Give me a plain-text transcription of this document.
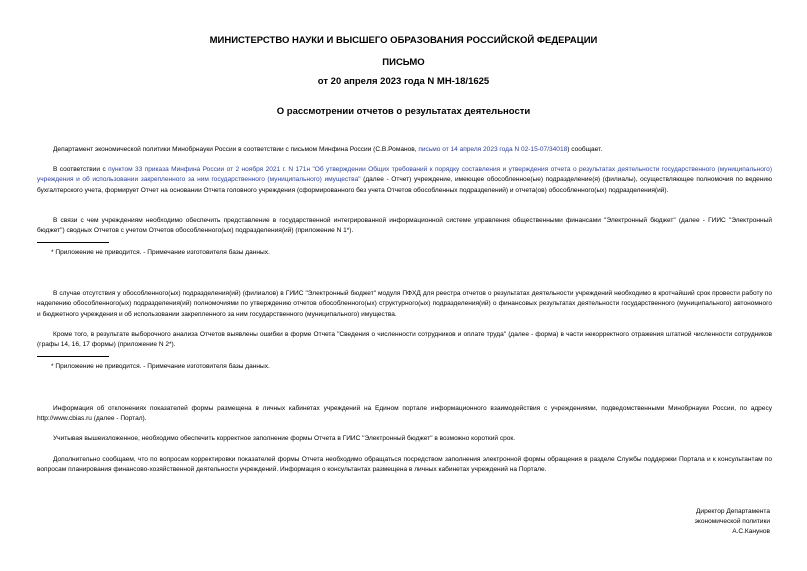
МИНИСТЕРСТВО НАУКИ И ВЫСШЕГО ОБРАЗОВАНИЯ РОССИЙСКОЙ ФЕДЕРАЦИИ
ПИСЬМО
от 20 апреля 2023 года N МН-18/1625
О рассмотрении отчетов о результатах деятельности
Департамент экономической политики Минобрнауки России в соответствии с письмом Минфина России (С.В.Романов, письмо от 14 апреля 2023 года N 02-15-07/34018) сообщает.
В соответствии с пунктом 33 приказа Минфина России от 2 ноября 2021 г. N 171н "Об утверждении Общих требований к порядку составления и утверждения отчета о результатах деятельности государственного (муниципального) учреждения и об использовании закрепленного за ним государственного (муниципального) имущества" (далее - Отчет) учреждение, имеющее обособленное(ые) подразделение(я) (филиалы), осуществляющее полномочия по ведению бухгалтерского учета, формирует Отчет на основании Отчета головного учреждения (сформированного без учета Отчетов обособленных подразделений) и отчета(ов) обособленного(ых) подразделения(ий).
В связи с чем учреждениям необходимо обеспечить представление в государственной интегрированной информационной системе управления общественными финансами "Электронный бюджет" (далее - ГИИС "Электронный бюджет") сводных Отчетов с учетом Отчетов обособленного(ых) подразделения(ий) (приложение N 1*).
* Приложение не приводится. - Примечание изготовителя базы данных.
В случае отсутствия у обособленного(ых) подразделения(ий) (филиалов) в ГИИС "Электронный бюджет" модуля ПФХД для реестра отчетов о результатах деятельности учреждений необходимо в кротчайший срок провести работу по наделению обособленного(ых) подразделения(ий) полномочиями по утверждению отчетов обособленного(ых) структурного(ых) подразделения(ий) о финансовых результатах деятельности государственного (муниципального) автономного и бюджетного учреждения и об использовании закрепленного за ним государственного (муниципального) имущества.
Кроме того, в результате выборочного анализа Отчетов выявлены ошибки в форме Отчета "Сведения о численности сотрудников и оплате труда" (далее - форма) в части некорректного отражения штатной численности сотрудников (графы 14, 16, 17 формы) (приложение N 2*).
* Приложение не приводится. - Примечание изготовителя базы данных.
Информация об отклонениях показателей формы размещена в личных кабинетах учреждений на Едином портале информационного взаимодействия с учреждениями, подведомственными Минобрнауки России, по адресу http://www.cbias.ru (далее - Портал).
Учитывая вышеизложенное, необходимо обеспечить корректное заполнение формы Отчета в ГИИС "Электронный бюджет" в возможно короткий срок.
Дополнительно сообщаем, что по вопросам корректировки показателей формы Отчета необходимо обращаться посредством заполнения электронной формы обращения в разделе Службы поддержки Портала и к консультантам по вопросам планирования финансово-хозяйственной деятельности учреждений. Информация о консультантах размещена в личных кабинетах учреждений на Портале.
Директор Департамента
экономической политики
А.С.Канунов
